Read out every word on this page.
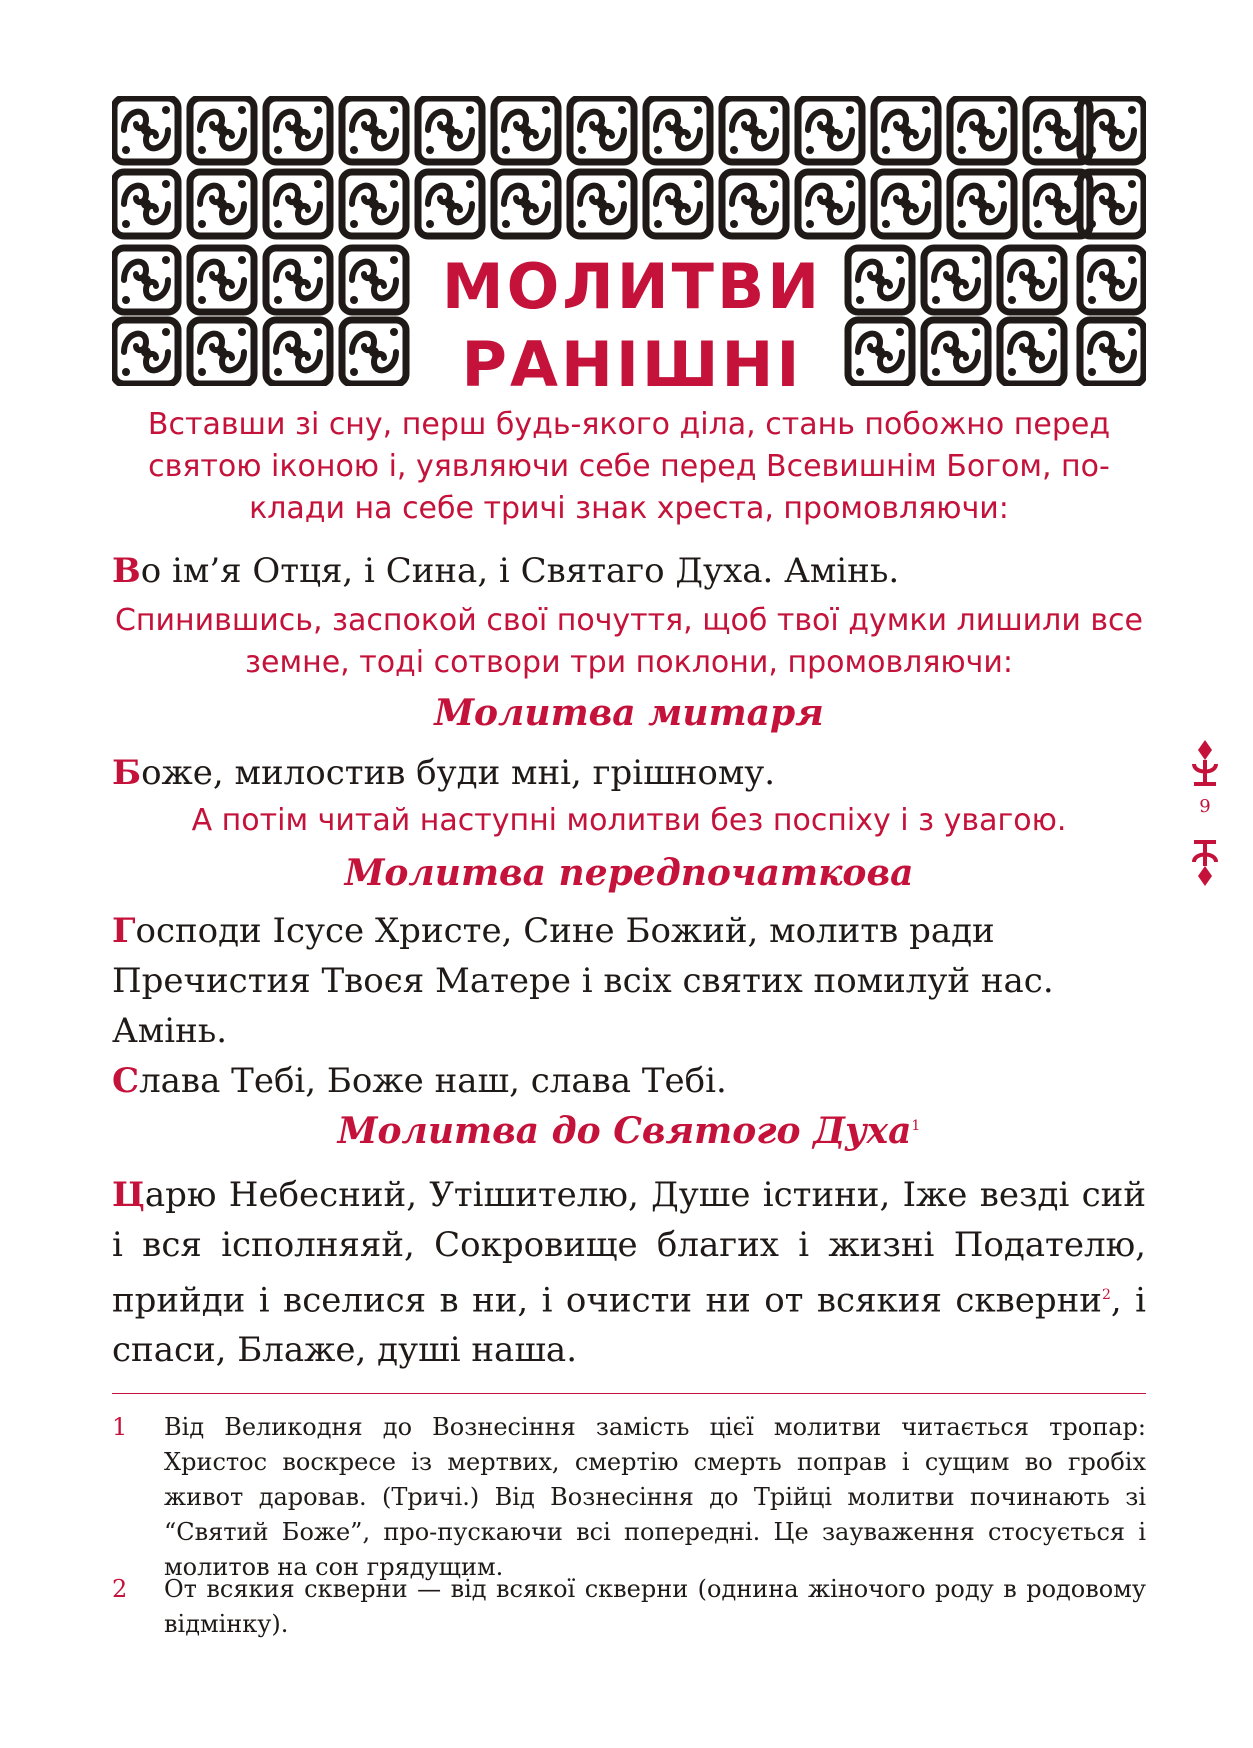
МОЛИТВИ
РАНІШНІ
Вставши зі сну, перш будь-якого діла, стань побожно перед святою іконою і, уявляючи себе перед Всевишнім Богом, по-клади на себе тричі знак хреста, промовляючи:
Во ім’я Отця, і Сина, і Святаго Духа. Амінь.
Спинившись, заспокой свої почуття, щоб твої думки лишили все земне, тоді сотвори три поклони, промовляючи:
Молитва митаря
Боже, милостив буди мні, грішному.
А потім читай наступні молитви без поспіху і з увагою.
Молитва передпочаткова
Господи Ісусе Христе, Сине Божий, молитв ради Пречистия Твоєя Матере і всіх святих помилуй нас.
Амінь.
Слава Тебі, Боже наш, слава Тебі.
Молитва до Святого Духа$^1$
Царю Небесний, Утішителю, Душе істини, Іже везді сий і вся ісполняяй, Сокровище благих і жизні Подателю, прийди і вселися в ни, і очисти ни от всякия скверни$^2$, і спаси, Блаже, душі наша.
1 Від Великодня до Вознесіння замість цієї молитви читається тропар: Христос воскресе із мертвих, смертію смерть поправ і сущим во гробіх живот даровав. (Тричі.) Від Вознесіння до Трійці молитви починають зі “Святий Боже”, про-пускаючи всі попередні. Це зауваження стосується і молитов на сон грядущим.
2 От всякия скверни — від всякої скверни (однина жіночого роду в родовому відмінку).
9
